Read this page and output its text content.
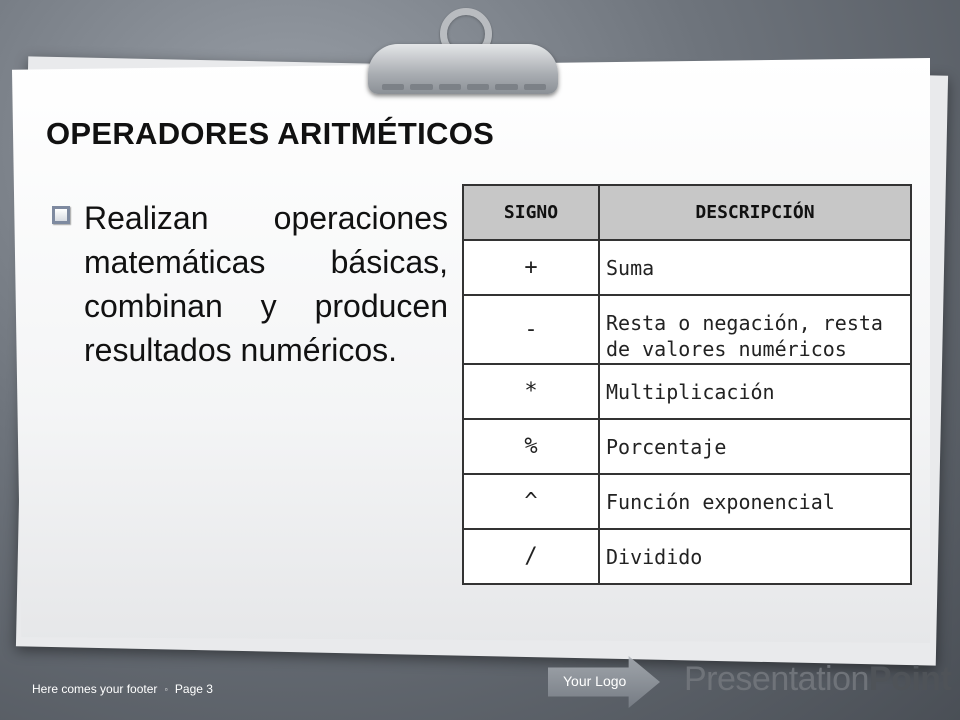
OPERADORES ARITMÉTICOS

Realizan operaciones matemáticas básicas, combinan y producen resultados numéricos.

SIGNO	DESCRIPCIÓN
+	Suma
-	Resta o negación, resta de valores numéricos

*	Multiplicación
%	Porcentaje
^	Función exponencial
/	Dividido
Here comes your footer ▫ Page 3	Your Logo PresentationPoint
